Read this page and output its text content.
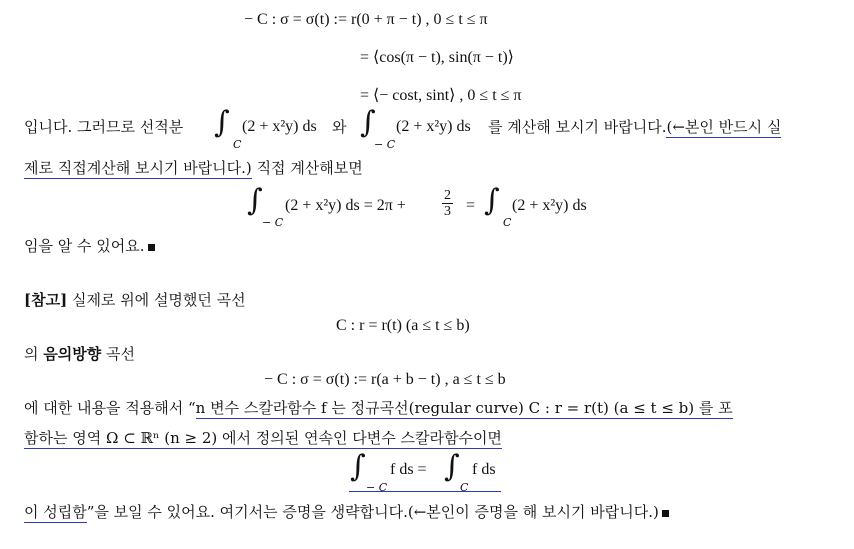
− C : σ = σ(t) := r(0 + π − t) , 0 ≤ t ≤ π
= ⟨cos(π − t), sin(π − t)⟩
= ⟨− cost, sint⟩ , 0 ≤ t ≤ π
입니다. 그러므로 선적분 ∫
C
(2 + x²y) ds 와 ∫
− C
(2 + x²y) ds 를 계산해 보시기 바랍니다.(←본인 반드시 실
제로 직접계산해 보시기 바랍니다.) 직접 계산해보면
∫
− C
(2 + x²y) ds = 2π +	$\frac{2}{3}$ = ∫
C
(2 + x²y) ds
임을 알 수 있어요.
[참고] 실제로 위에 설명했던 곡선
C : r = r(t) (a ≤ t ≤ b)
의 음의방향 곡선
− C : σ = σ(t) := r(a + b − t) , a ≤ t ≤ b
에 대한 내용을 적용해서 “n 변수 스칼라함수 f 는 정규곡선(regular curve) C : r = r(t) (a ≤ t ≤ b) 를 포
함하는 영역 Ω ⊂ ℝⁿ (n ≥ 2) 에서 정의된 연속인 다변수 스칼라함수이면
∫
− C
f ds = ∫
C
f ds
이 성립함”을 보일 수 있어요. 여기서는 증명을 생략합니다.(←본인이 증명을 해 보시기 바랍니다.)
